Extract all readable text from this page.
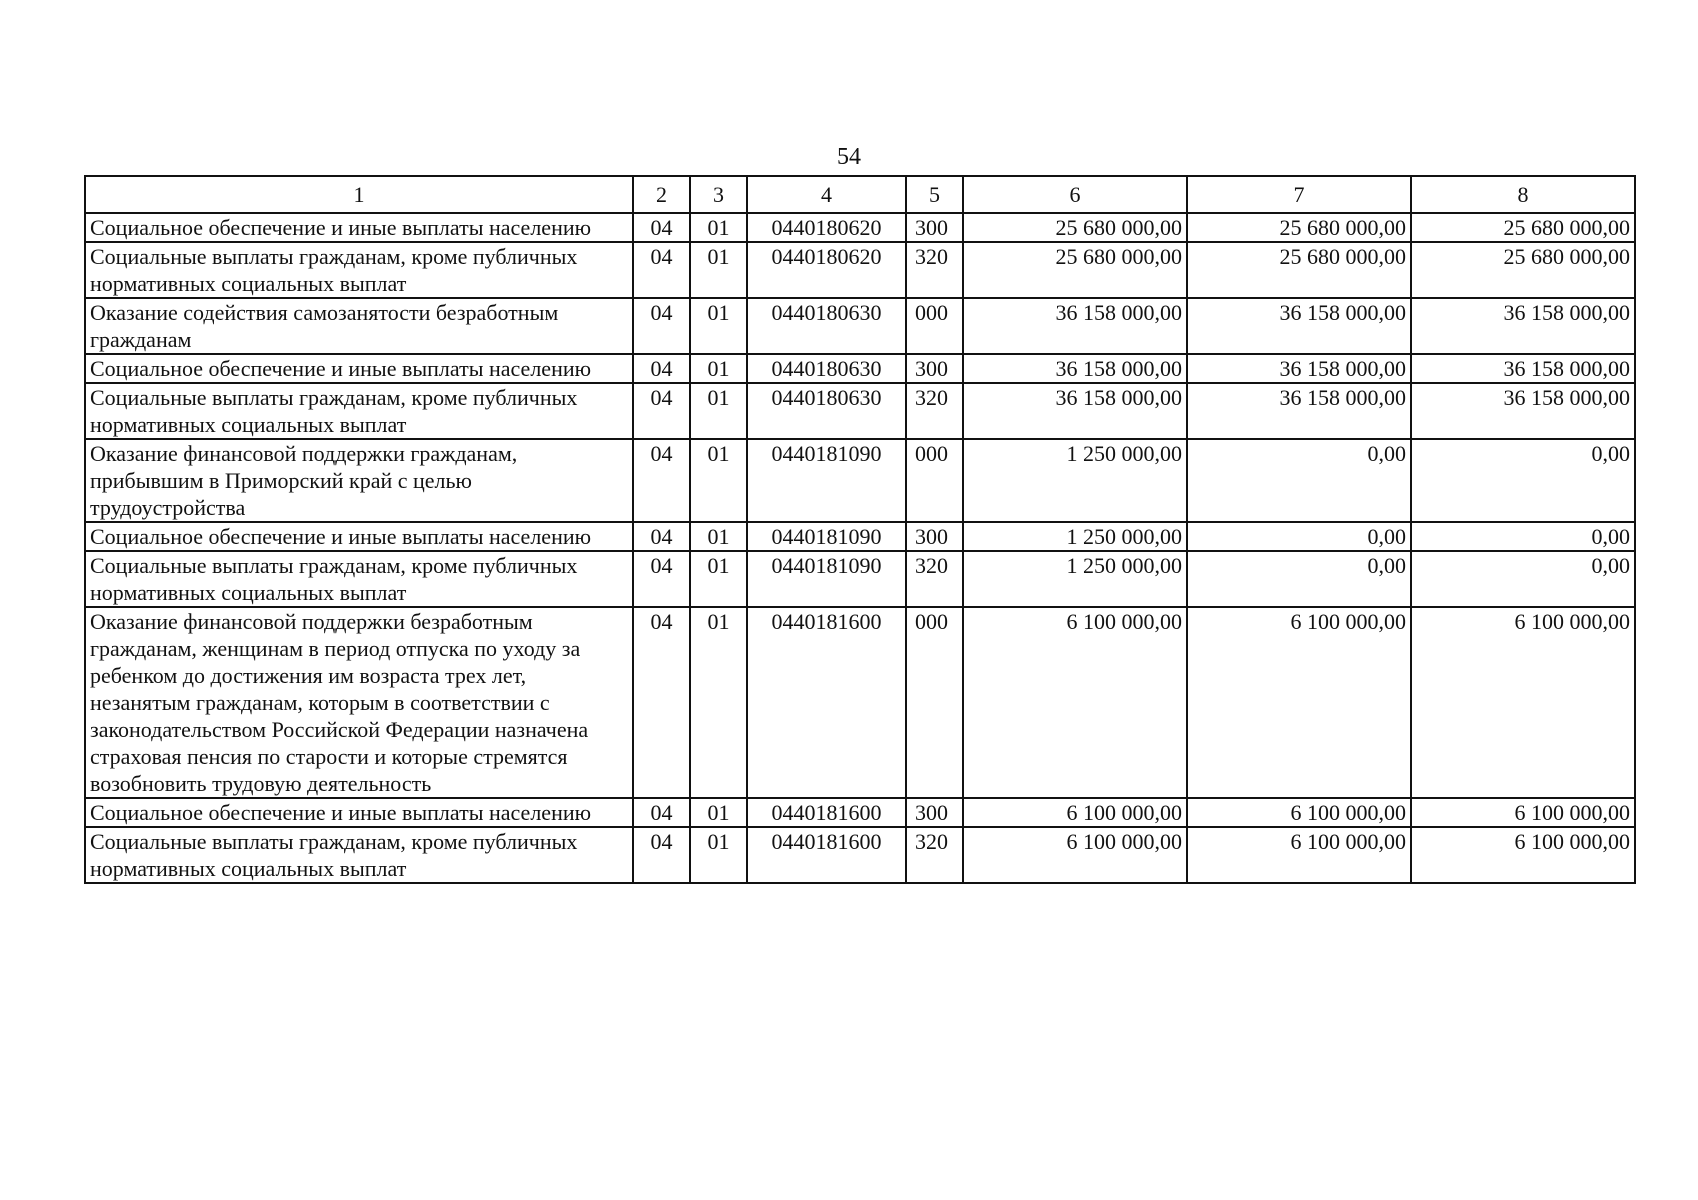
54
1	2	3	4	5	6	7	8
Социальное обеспечение и иные выплаты населению	04	01	0440180620	300	25 680 000,00	25 680 000,00	25 680 000,00
Социальные выплаты гражданам, кроме публичных нормативных социальных выплат	04	01	0440180620	320	25 680 000,00	25 680 000,00	25 680 000,00
Оказание содействия самозанятости безработным гражданам	04	01	0440180630	000	36 158 000,00	36 158 000,00	36 158 000,00
Социальное обеспечение и иные выплаты населению	04	01	0440180630	300	36 158 000,00	36 158 000,00	36 158 000,00
Социальные выплаты гражданам, кроме публичных нормативных социальных выплат	04	01	0440180630	320	36 158 000,00	36 158 000,00	36 158 000,00
Оказание финансовой поддержки гражданам, прибывшим в Приморский край с целью трудоустройства	04	01	0440181090	000	1 250 000,00	0,00	0,00
Социальное обеспечение и иные выплаты населению	04	01	0440181090	300	1 250 000,00	0,00	0,00
Социальные выплаты гражданам, кроме публичных нормативных социальных выплат	04	01	0440181090	320	1 250 000,00	0,00	0,00
Оказание финансовой поддержки безработным гражданам, женщинам в период отпуска по уходу за ребенком до достижения им возраста трех лет, незанятым гражданам, которым в соответствии с законодательством Российской Федерации назначена страховая пенсия по старости и которые стремятся возобновить трудовую деятельность	04	01	0440181600	000	6 100 000,00	6 100 000,00	6 100 000,00
Социальное обеспечение и иные выплаты населению	04	01	0440181600	300	6 100 000,00	6 100 000,00	6 100 000,00
Социальные выплаты гражданам, кроме публичных нормативных социальных выплат	04	01	0440181600	320	6 100 000,00	6 100 000,00	6 100 000,00
